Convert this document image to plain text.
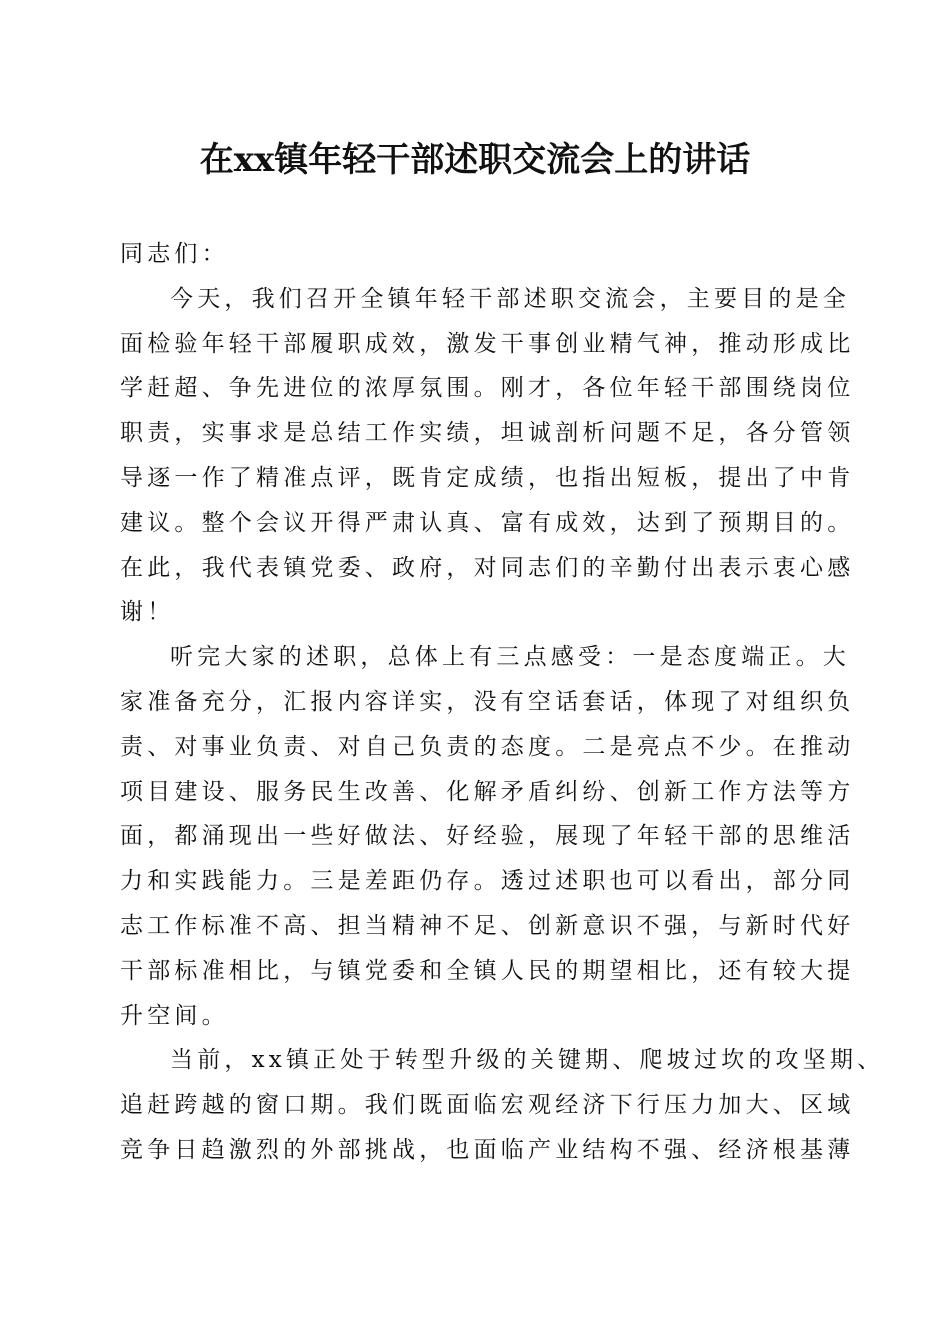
在xx镇年轻干部述职交流会上的讲话
同志们：
今天，我们召开全镇年轻干部述职交流会，主要目的是全
面检验年轻干部履职成效，激发干事创业精气神，推动形成比
学赶超、争先进位的浓厚氛围。刚才，各位年轻干部围绕岗位
职责，实事求是总结工作实绩，坦诚剖析问题不足，各分管领
导逐一作了精准点评，既肯定成绩，也指出短板，提出了中肯
建议。整个会议开得严肃认真、富有成效，达到了预期目的。
在此，我代表镇党委、政府，对同志们的辛勤付出表示衷心感
谢！
听完大家的述职，总体上有三点感受：一是态度端正。大
家准备充分，汇报内容详实，没有空话套话，体现了对组织负
责、对事业负责、对自己负责的态度。二是亮点不少。在推动
项目建设、服务民生改善、化解矛盾纠纷、创新工作方法等方
面，都涌现出一些好做法、好经验，展现了年轻干部的思维活
力和实践能力。三是差距仍存。透过述职也可以看出，部分同
志工作标准不高、担当精神不足、创新意识不强，与新时代好
干部标准相比，与镇党委和全镇人民的期望相比，还有较大提
升空间。
当前，xx镇正处于转型升级的关键期、爬坡过坎的攻坚期、
追赶跨越的窗口期。我们既面临宏观经济下行压力加大、区域
竞争日趋激烈的外部挑战，也面临产业结构不强、经济根基薄
